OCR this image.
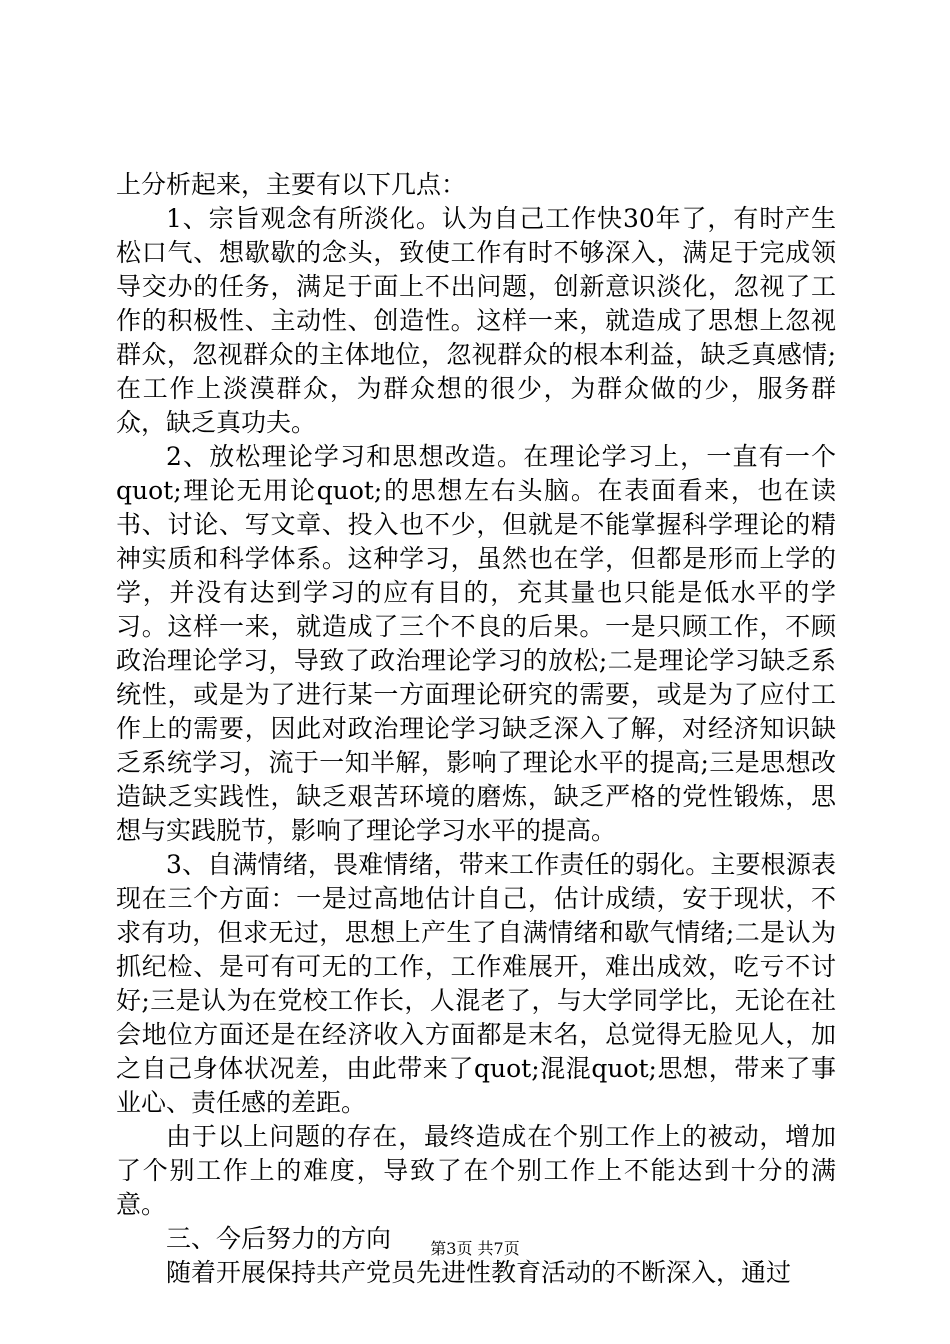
上分析起来，主要有以下几点：

1、宗旨观念有所淡化。认为自己工作快30年了，有时产生松口气、想歇歇的念头，致使工作有时不够深入，满足于完成领导交办的任务，满足于面上不出问题，创新意识淡化，忽视了工作的积极性、主动性、创造性。这样一来，就造成了思想上忽视群众，忽视群众的主体地位，忽视群众的根本利益，缺乏真感情;在工作上淡漠群众，为群众想的很少，为群众做的少，服务群众，缺乏真功夫。

2、放松理论学习和思想改造。在理论学习上，一直有一个quot;理论无用论quot;的思想左右头脑。在表面看来，也在读书、讨论、写文章、投入也不少，但就是不能掌握科学理论的精神实质和科学体系。这种学习，虽然也在学，但都是形而上学的学，并没有达到学习的应有目的，充其量也只能是低水平的学习。这样一来，就造成了三个不良的后果。一是只顾工作，不顾政治理论学习，导致了政治理论学习的放松;二是理论学习缺乏系统性，或是为了进行某一方面理论研究的需要，或是为了应付工作上的需要，因此对政治理论学习缺乏深入了解，对经济知识缺乏系统学习，流于一知半解，影响了理论水平的提高;三是思想改造缺乏实践性，缺乏艰苦环境的磨炼，缺乏严格的党性锻炼，思想与实践脱节，影响了理论学习水平的提高。

3、自满情绪，畏难情绪，带来工作责任的弱化。主要根源表现在三个方面：一是过高地估计自己，估计成绩，安于现状，不求有功，但求无过，思想上产生了自满情绪和歇气情绪;二是认为抓纪检、是可有可无的工作，工作难展开，难出成效，吃亏不讨好;三是认为在党校工作长，人混老了，与大学同学比，无论在社会地位方面还是在经济收入方面都是末名，总觉得无脸见人，加之自己身体状况差，由此带来了quot;混混quot;思想，带来了事业心、责任感的差距。

由于以上问题的存在，最终造成在个别工作上的被动，增加了个别工作上的难度，导致了在个别工作上不能达到十分的满意。

三、今后努力的方向

随着开展保持共产党员先进性教育活动的不断深入，通过

第3页 共7页
